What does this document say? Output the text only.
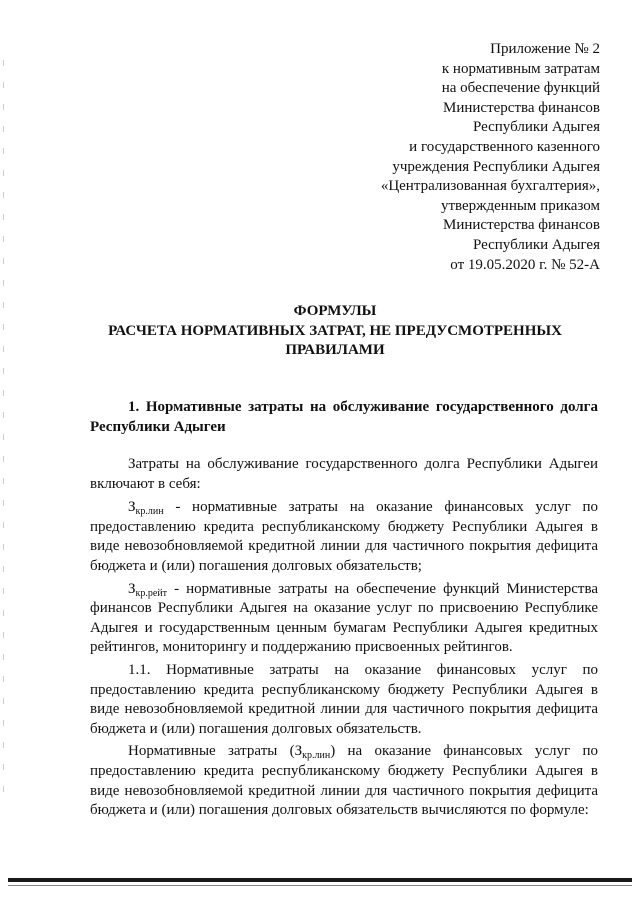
Приложение № 2
к нормативным затратам
на обеспечение функций
Министерства финансов
Республики Адыгея
и государственного казенного
учреждения Республики Адыгея
«Централизованная бухгалтерия»,
утвержденным приказом
Министерства финансов
Республики Адыгея
от 19.05.2020 г. № 52-А
ФОРМУЛЫ
РАСЧЕТА НОРМАТИВНЫХ ЗАТРАТ, НЕ ПРЕДУСМОТРЕННЫХ
ПРАВИЛАМИ
1. Нормативные затраты на обслуживание государственного долга Республики Адыгеи

Затраты на обслуживание государственного долга Республики Адыгеи включают в себя:

$З_{кр.лин}$ - нормативные затраты на оказание финансовых услуг по предоставлению кредита республиканскому бюджету Республики Адыгея в виде невозобновляемой кредитной линии для частичного покрытия дефицита бюджета и (или) погашения долговых обязательств;

$З_{кр.рейт}$ - нормативные затраты на обеспечение функций Министерства финансов Республики Адыгея на оказание услуг по присвоению Республике Адыгея и государственным ценным бумагам Республики Адыгея кредитных рейтингов, мониторингу и поддержанию присвоенных рейтингов.

1.1. Нормативные затраты на оказание финансовых услуг по предоставлению кредита республиканскому бюджету Республики Адыгея в виде невозобновляемой кредитной линии для частичного покрытия дефицита бюджета и (или) погашения долговых обязательств.

Нормативные затраты $(З_{кр.лин})$ на оказание финансовых услуг по предоставлению кредита республиканскому бюджету Республики Адыгея в виде невозобновляемой кредитной линии для частичного покрытия дефицита бюджета и (или) погашения долговых обязательств вычисляются по формуле:
